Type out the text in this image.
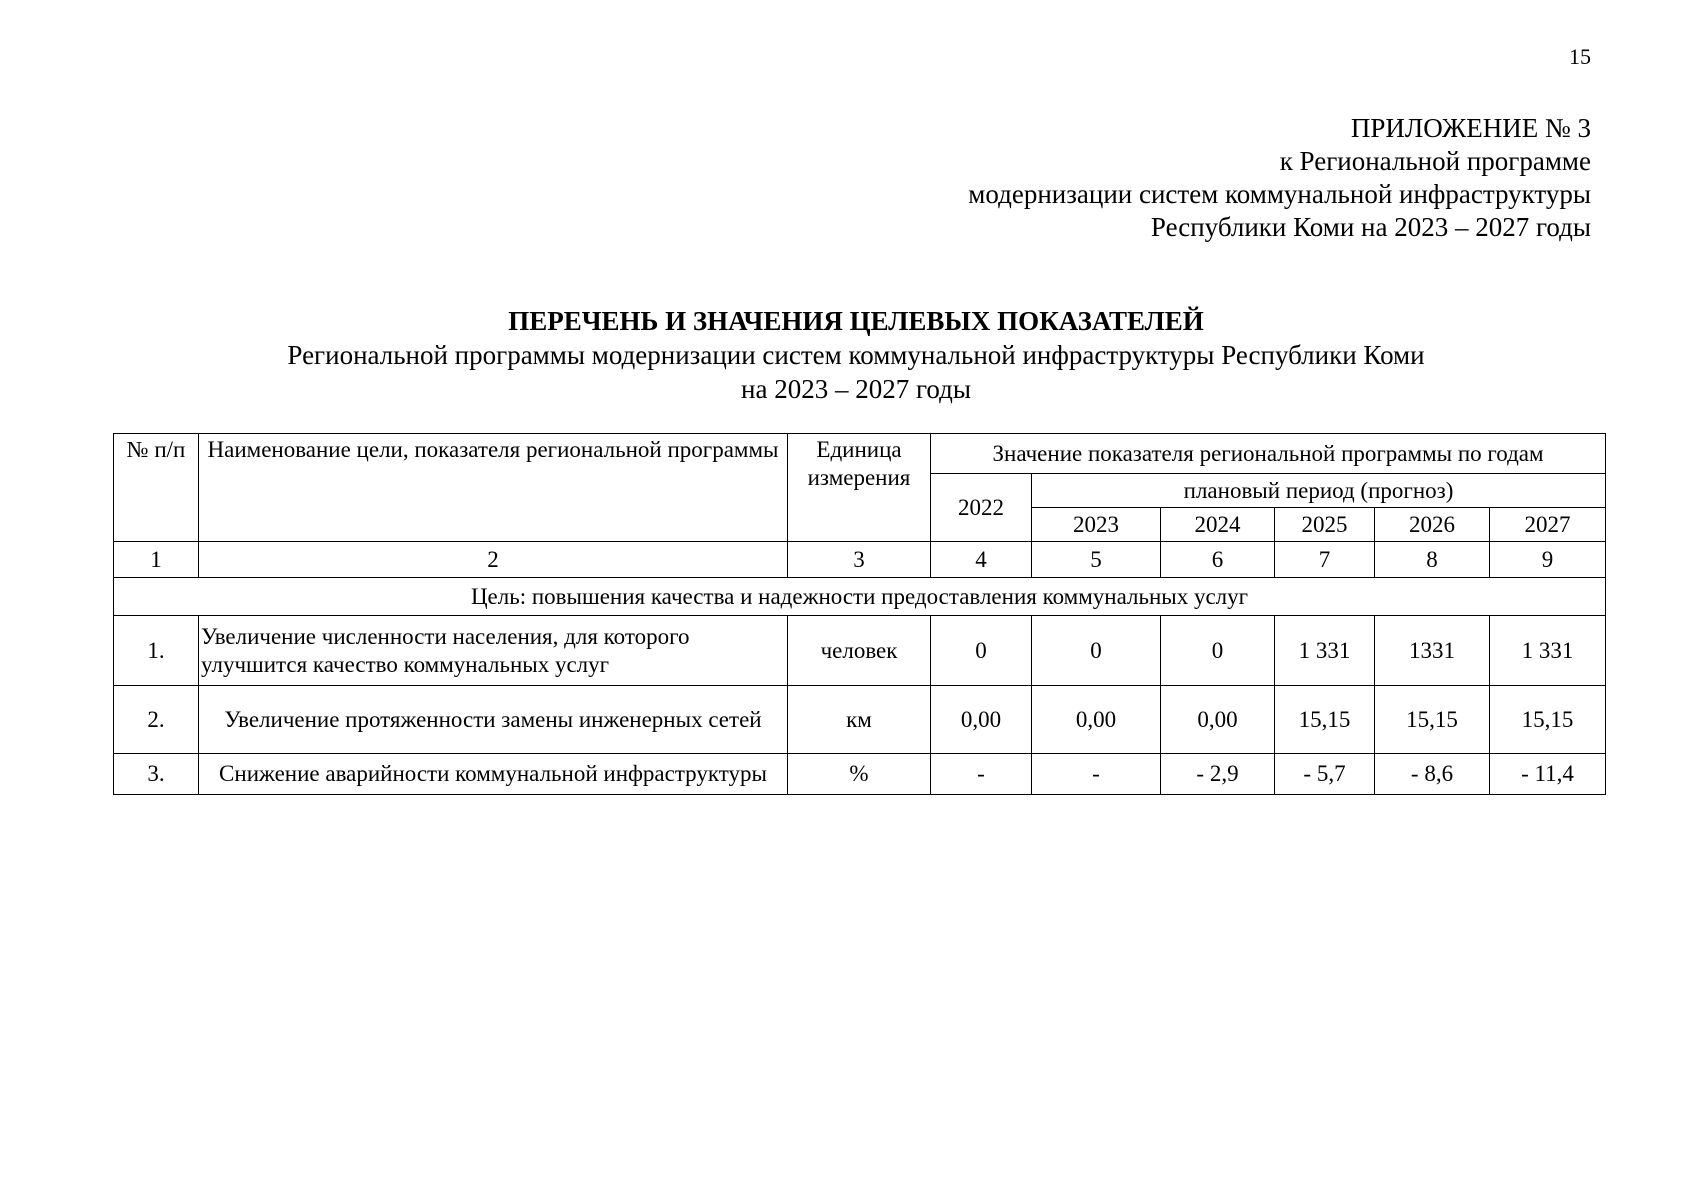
15
ПРИЛОЖЕНИЕ № 3
к Региональной программе
модернизации систем коммунальной инфраструктуры
Республики Коми на 2023 – 2027 годы
ПЕРЕЧЕНЬ И ЗНАЧЕНИЯ ЦЕЛЕВЫХ ПОКАЗАТЕЛЕЙ
Региональной программы модернизации систем коммунальной инфраструктуры Республики Коми
на 2023 – 2027 годы
№ п/п	Наименование цели, показателя региональной программы	Единица измерения	Значение показателя региональной программы по годам					
			2022	плановый период (прогноз)				
				2023	2024	2025	2026	2027
1	2	3	4	5	6	7	8	9
Цель: повышения качества и надежности предоставления коммунальных услуг								
1.	Увеличение численности населения, для которого улучшится качество коммунальных услуг	человек	0	0	0	1 331	1331	1 331
2.	Увеличение протяженности замены инженерных сетей	км	0,00	0,00	0,00	15,15	15,15	15,15
3.	Снижение аварийности коммунальной инфраструктуры	%	-	-	- 2,9	- 5,7	- 8,6	- 11,4
